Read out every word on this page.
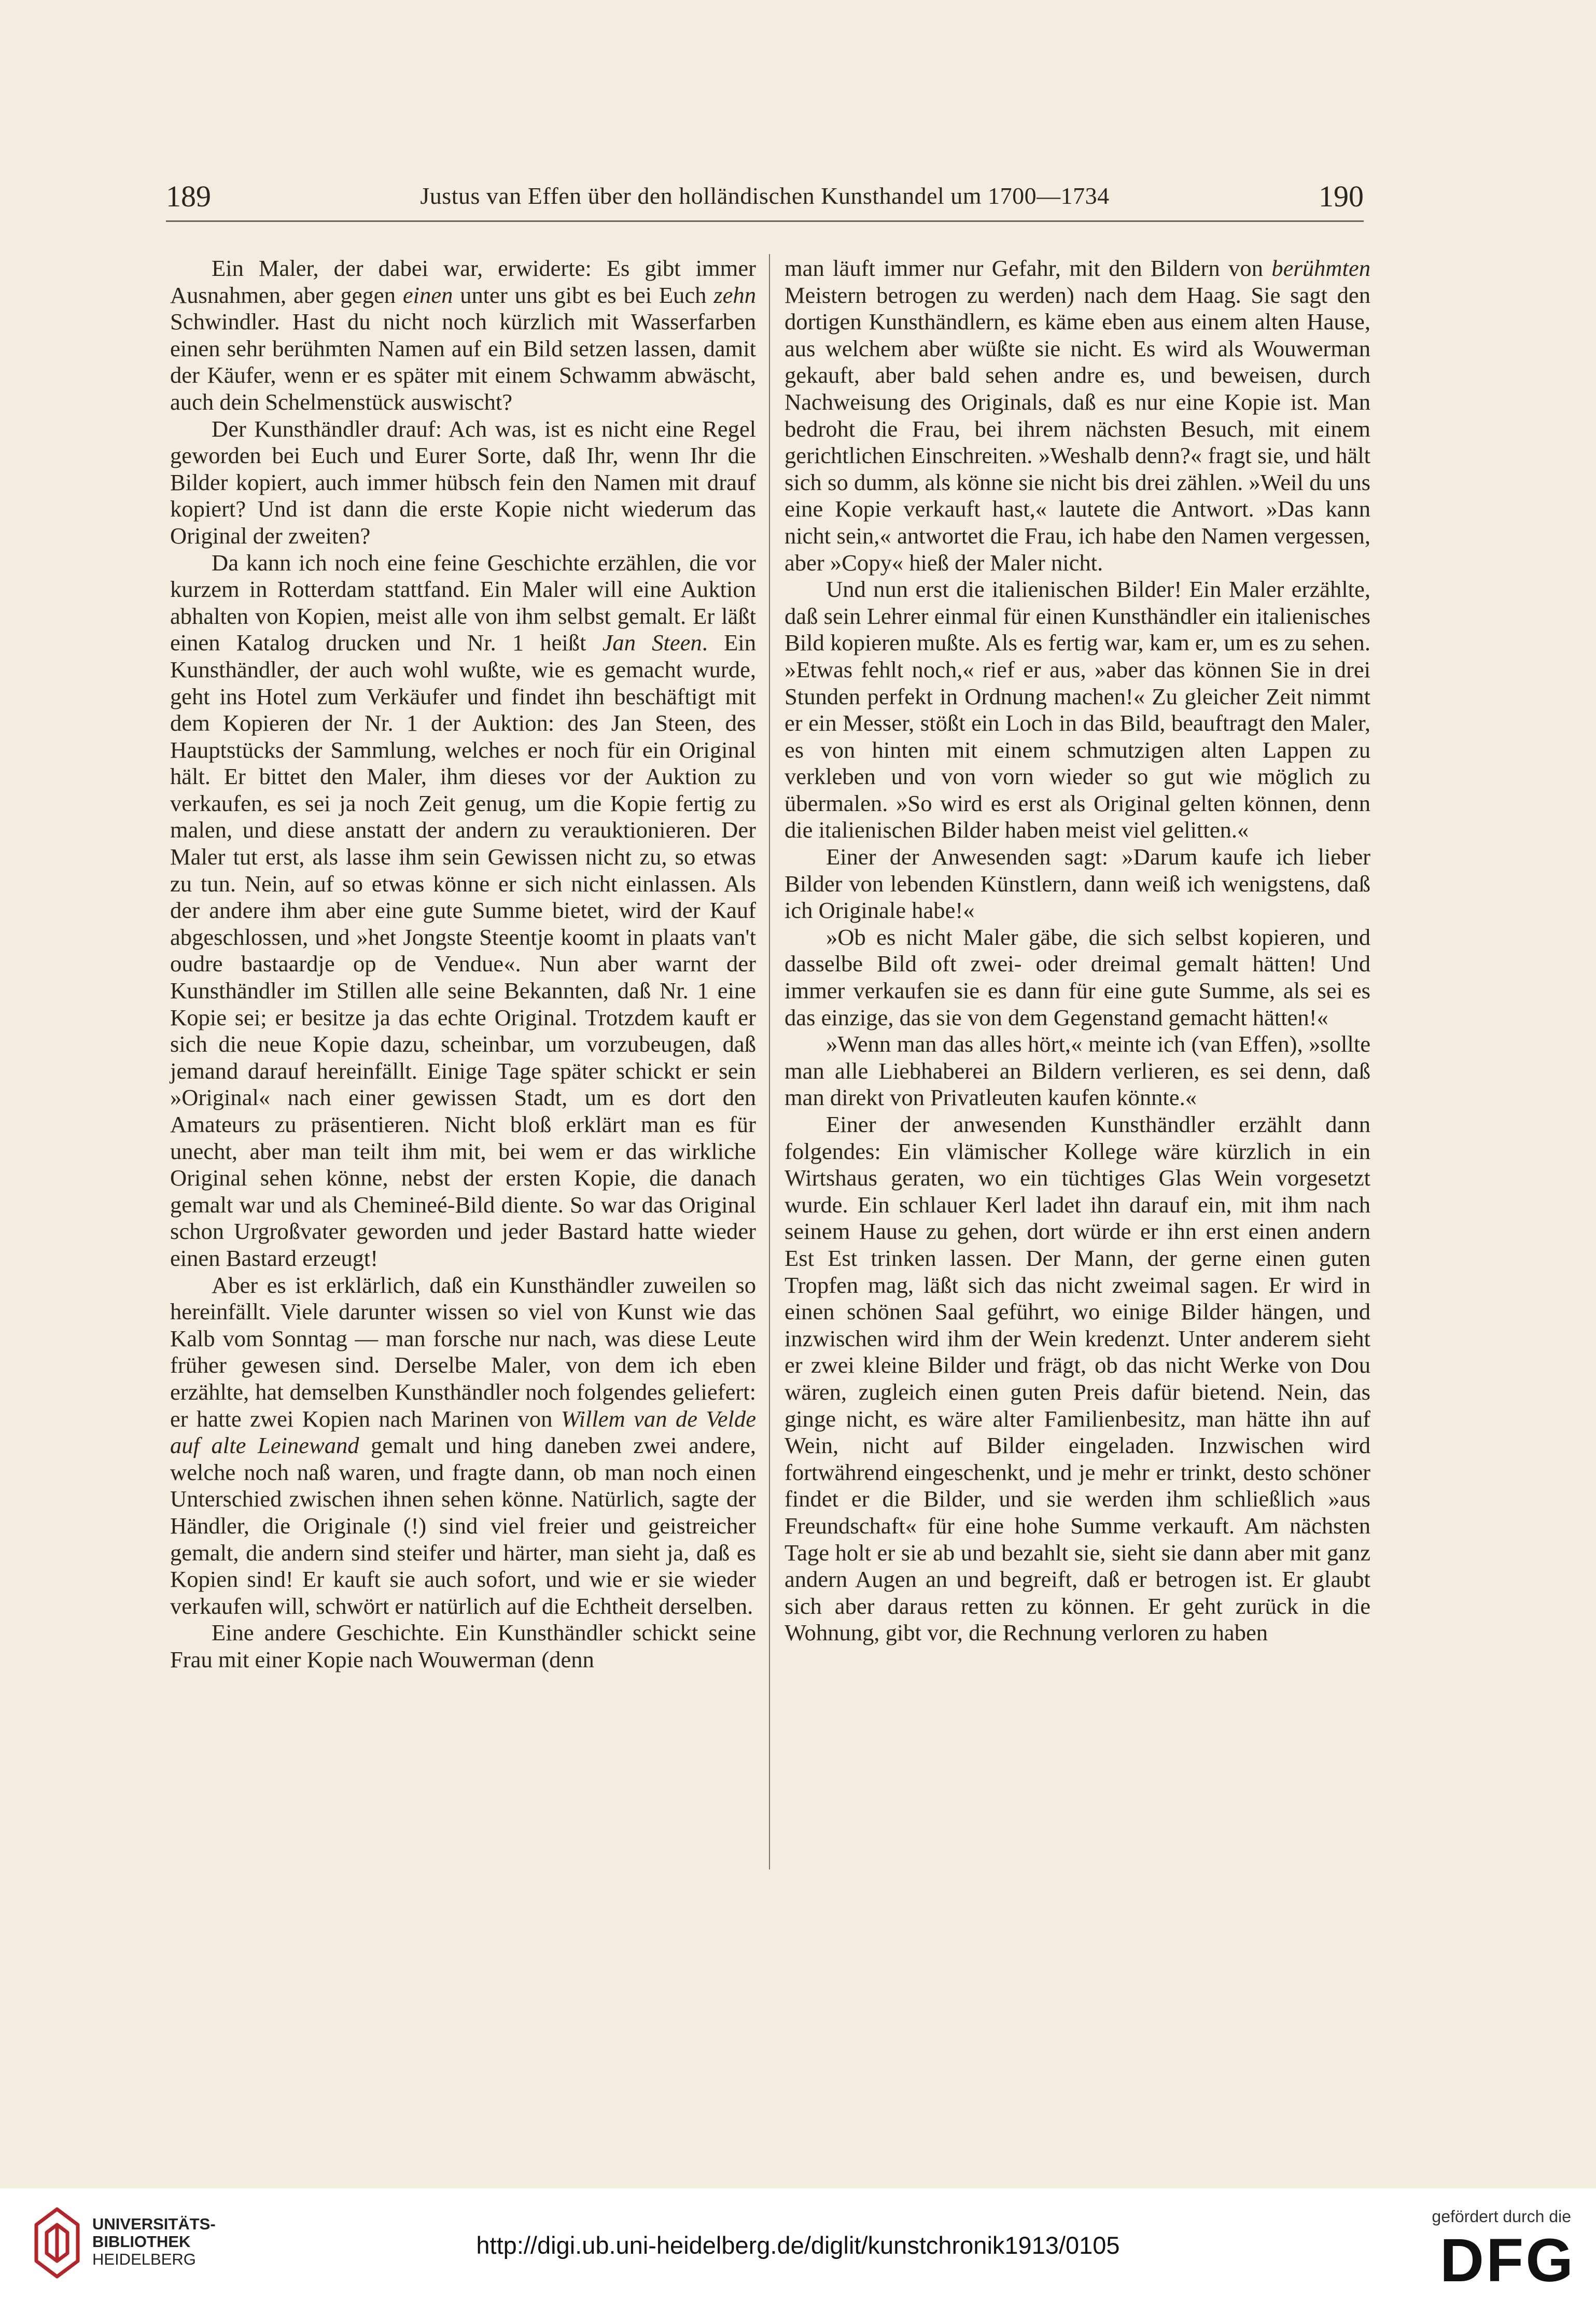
189	Justus van Effen über den holländischen Kunsthandel um 1700—1734	190

Ein Maler, der dabei war, erwiderte: Es gibt immer Ausnahmen, aber gegen einen unter uns gibt es bei Euch zehn Schwindler. Hast du nicht noch kürzlich mit Wasserfarben einen sehr berühmten Namen auf ein Bild setzen lassen, damit der Käufer, wenn er es später mit einem Schwamm abwäscht, auch dein Schelmenstück auswischt?

Der Kunsthändler drauf: Ach was, ist es nicht eine Regel geworden bei Euch und Eurer Sorte, daß Ihr, wenn Ihr die Bilder kopiert, auch immer hübsch fein den Namen mit drauf kopiert? Und ist dann die erste Kopie nicht wiederum das Original der zweiten?

Da kann ich noch eine feine Geschichte erzählen, die vor kurzem in Rotterdam stattfand. Ein Maler will eine Auktion abhalten von Kopien, meist alle von ihm selbst gemalt. Er läßt einen Katalog drucken und Nr. 1 heißt Jan Steen. Ein Kunsthändler, der auch wohl wußte, wie es gemacht wurde, geht ins Hotel zum Verkäufer und findet ihn beschäftigt mit dem Kopieren der Nr. 1 der Auktion: des Jan Steen, des Hauptstücks der Sammlung, welches er noch für ein Original hält. Er bittet den Maler, ihm dieses vor der Auktion zu verkaufen, es sei ja noch Zeit genug, um die Kopie fertig zu malen, und diese anstatt der andern zu verauktionieren. Der Maler tut erst, als lasse ihm sein Gewissen nicht zu, so etwas zu tun. Nein, auf so etwas könne er sich nicht einlassen. Als der andere ihm aber eine gute Summe bietet, wird der Kauf abgeschlossen, und »het Jongste Steentje koomt in plaats van't oudre bastaardje op de Vendue«. Nun aber warnt der Kunsthändler im Stillen alle seine Bekannten, daß Nr. 1 eine Kopie sei; er besitze ja das echte Original. Trotzdem kauft er sich die neue Kopie dazu, scheinbar, um vorzubeugen, daß jemand darauf hereinfällt. Einige Tage später schickt er sein »Original« nach einer gewissen Stadt, um es dort den Amateurs zu präsentieren. Nicht bloß erklärt man es für unecht, aber man teilt ihm mit, bei wem er das wirkliche Original sehen könne, nebst der ersten Kopie, die danach gemalt war und als Chemineé-Bild diente. So war das Original schon Urgroßvater geworden und jeder Bastard hatte wieder einen Bastard erzeugt!

Aber es ist erklärlich, daß ein Kunsthändler zuweilen so hereinfällt. Viele darunter wissen so viel von Kunst wie das Kalb vom Sonntag — man forsche nur nach, was diese Leute früher gewesen sind. Derselbe Maler, von dem ich eben erzählte, hat demselben Kunsthändler noch folgendes geliefert: er hatte zwei Kopien nach Marinen von Willem van de Velde auf alte Leinewand gemalt und hing daneben zwei andere, welche noch naß waren, und fragte dann, ob man noch einen Unterschied zwischen ihnen sehen könne. Natürlich, sagte der Händler, die Originale (!) sind viel freier und geistreicher gemalt, die andern sind steifer und härter, man sieht ja, daß es Kopien sind! Er kauft sie auch sofort, und wie er sie wieder verkaufen will, schwört er natürlich auf die Echtheit derselben.

Eine andere Geschichte. Ein Kunsthändler schickt seine Frau mit einer Kopie nach Wouwerman (denn

man läuft immer nur Gefahr, mit den Bildern von berühmten Meistern betrogen zu werden) nach dem Haag. Sie sagt den dortigen Kunsthändlern, es käme eben aus einem alten Hause, aus welchem aber wüßte sie nicht. Es wird als Wouwerman gekauft, aber bald sehen andre es, und beweisen, durch Nachweisung des Originals, daß es nur eine Kopie ist. Man bedroht die Frau, bei ihrem nächsten Besuch, mit einem gerichtlichen Einschreiten. »Weshalb denn?« fragt sie, und hält sich so dumm, als könne sie nicht bis drei zählen. »Weil du uns eine Kopie verkauft hast,« lautete die Antwort. »Das kann nicht sein,« antwortet die Frau, ich habe den Namen vergessen, aber »Copy« hieß der Maler nicht.

Und nun erst die italienischen Bilder! Ein Maler erzählte, daß sein Lehrer einmal für einen Kunsthändler ein italienisches Bild kopieren mußte. Als es fertig war, kam er, um es zu sehen. »Etwas fehlt noch,« rief er aus, »aber das können Sie in drei Stunden perfekt in Ordnung machen!« Zu gleicher Zeit nimmt er ein Messer, stößt ein Loch in das Bild, beauftragt den Maler, es von hinten mit einem schmutzigen alten Lappen zu verkleben und von vorn wieder so gut wie möglich zu übermalen. »So wird es erst als Original gelten können, denn die italienischen Bilder haben meist viel gelitten.«

Einer der Anwesenden sagt: »Darum kaufe ich lieber Bilder von lebenden Künstlern, dann weiß ich wenigstens, daß ich Originale habe!«

»Ob es nicht Maler gäbe, die sich selbst kopieren, und dasselbe Bild oft zwei- oder dreimal gemalt hätten! Und immer verkaufen sie es dann für eine gute Summe, als sei es das einzige, das sie von dem Gegenstand gemacht hätten!«

»Wenn man das alles hört,« meinte ich (van Effen), »sollte man alle Liebhaberei an Bildern verlieren, es sei denn, daß man direkt von Privatleuten kaufen könnte.«

Einer der anwesenden Kunsthändler erzählt dann folgendes: Ein vlämischer Kollege wäre kürzlich in ein Wirtshaus geraten, wo ein tüchtiges Glas Wein vorgesetzt wurde. Ein schlauer Kerl ladet ihn darauf ein, mit ihm nach seinem Hause zu gehen, dort würde er ihn erst einen andern Est Est trinken lassen. Der Mann, der gerne einen guten Tropfen mag, läßt sich das nicht zweimal sagen. Er wird in einen schönen Saal geführt, wo einige Bilder hängen, und inzwischen wird ihm der Wein kredenzt. Unter anderem sieht er zwei kleine Bilder und frägt, ob das nicht Werke von Dou wären, zugleich einen guten Preis dafür bietend. Nein, das ginge nicht, es wäre alter Familienbesitz, man hätte ihn auf Wein, nicht auf Bilder eingeladen. Inzwischen wird fortwährend eingeschenkt, und je mehr er trinkt, desto schöner findet er die Bilder, und sie werden ihm schließlich »aus Freundschaft« für eine hohe Summe verkauft. Am nächsten Tage holt er sie ab und bezahlt sie, sieht sie dann aber mit ganz andern Augen an und begreift, daß er betrogen ist. Er glaubt sich aber daraus retten zu können. Er geht zurück in die Wohnung, gibt vor, die Rechnung verloren zu haben

UNIVERSITÄTS-
BIBLIOTHEK
HEIDELBERG
http://digi.ub.uni-heidelberg.de/diglit/kunstchronik1913/0105
gefördert durch die
DFG
